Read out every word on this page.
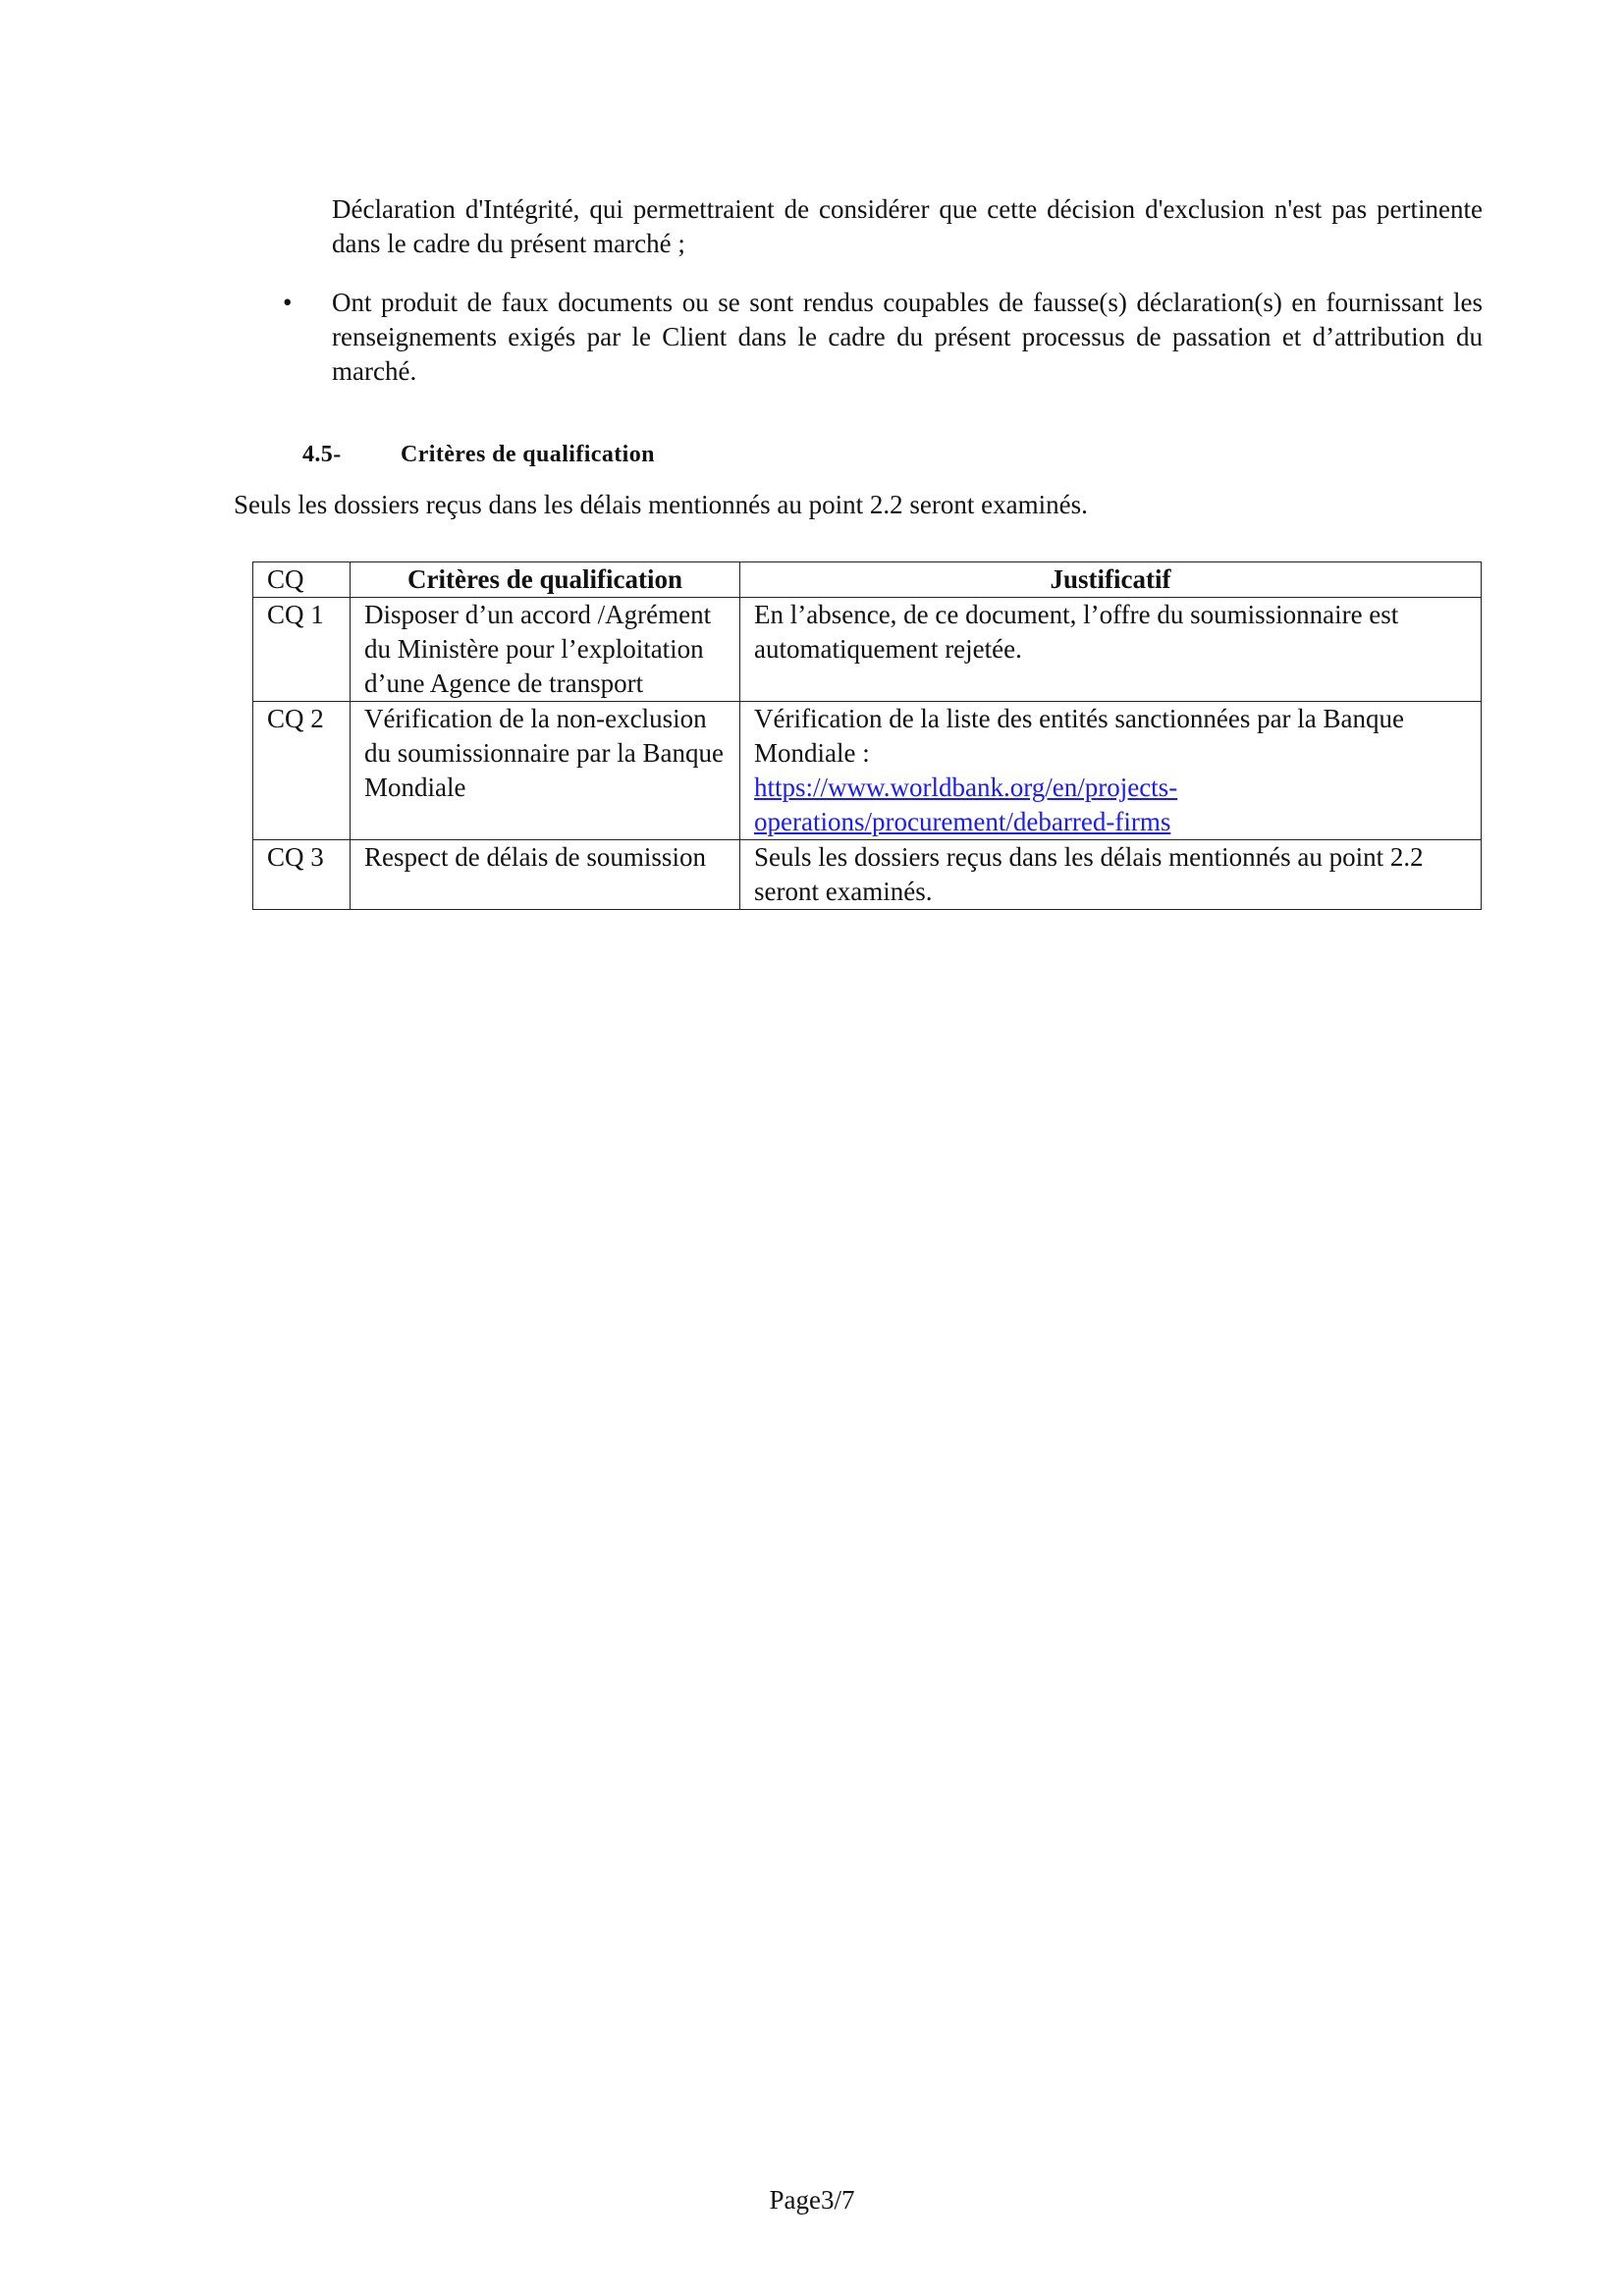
Déclaration d'Intégrité, qui permettraient de considérer que cette décision d'exclusion n'est pas pertinente dans le cadre du présent marché ;

•	Ont produit de faux documents ou se sont rendus coupables de fausse(s) déclaration(s) en fournissant les renseignements exigés par le Client dans le cadre du présent processus de passation et d’attribution du marché.

4.5-	Critères de qualification

Seuls les dossiers reçus dans les délais mentionnés au point 2.2 seront examinés.

CQ	Critères de qualification	Justificatif
CQ 1	Disposer d’un accord /Agrément du Ministère pour l’exploitation d’une Agence de transport	En l’absence, de ce document, l’offre du soumissionnaire est automatiquement rejetée.
CQ 2	Vérification de la non-exclusion du soumissionnaire par la Banque Mondiale	Vérification de la liste des entités sanctionnées par la Banque Mondiale :
https://www.worldbank.org/en/projects-operations/procurement/debarred-firms
CQ 3	Respect de délais de soumission	Seuls les dossiers reçus dans les délais mentionnés au point 2.2 seront examinés.

Page3/7
